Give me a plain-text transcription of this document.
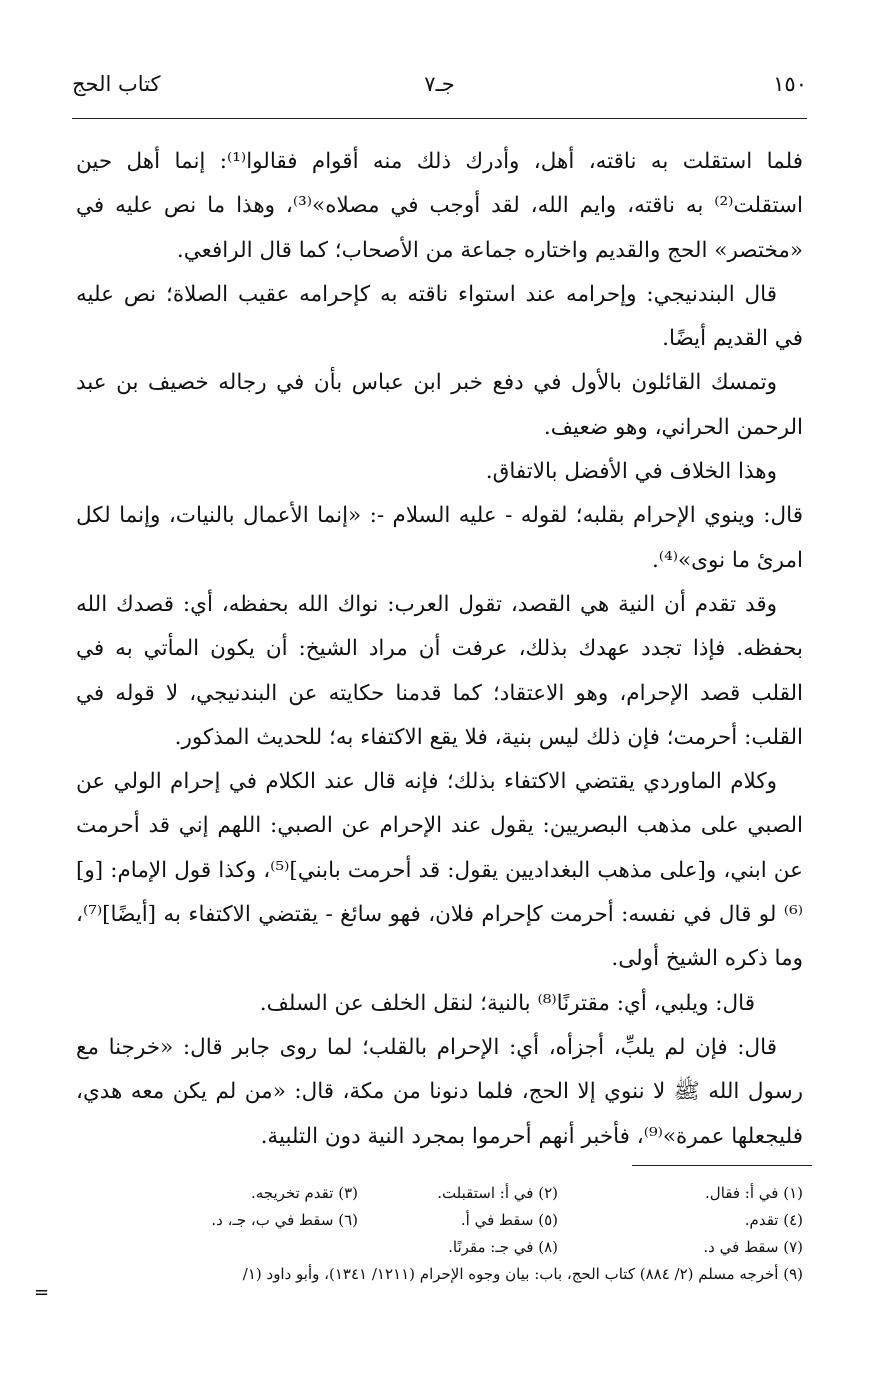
١٥٠
جـ٧
كتاب الحج

فلما استقلت به ناقته، أهل، وأدرك ذلك منه أقوام فقالوا⁽¹⁾: إنما أهل حين استقلت⁽²⁾ به ناقته، وايم الله، لقد أوجب في مصلاه»⁽³⁾، وهذا ما نص عليه في «مختصر» الحج والقديم واختاره جماعة من الأصحاب؛ كما قال الرافعي.

قال البندنيجي: وإحرامه عند استواء ناقته به كإحرامه عقيب الصلاة؛ نص عليه في القديم أيضًا.

وتمسك القائلون بالأول في دفع خبر ابن عباس بأن في رجاله خصيف بن عبد الرحمن الحراني، وهو ضعيف.

وهذا الخلاف في الأفضل بالاتفاق.

قال: وينوي الإحرام بقلبه؛ لقوله - عليه السلام -: «إنما الأعمال بالنيات، وإنما لكل امرئ ما نوى»⁽⁴⁾.

وقد تقدم أن النية هي القصد، تقول العرب: نواك الله بحفظه، أي: قصدك الله بحفظه. فإذا تجدد عهدك بذلك، عرفت أن مراد الشيخ: أن يكون المأتي به في القلب قصد الإحرام، وهو الاعتقاد؛ كما قدمنا حكايته عن البندنيجي، لا قوله في القلب: أحرمت؛ فإن ذلك ليس بنية، فلا يقع الاكتفاء به؛ للحديث المذكور.

وكلام الماوردي يقتضي الاكتفاء بذلك؛ فإنه قال عند الكلام في إحرام الولي عن الصبي على مذهب البصريين: يقول عند الإحرام عن الصبي: اللهم إني قد أحرمت عن ابني، و[على مذهب البغداديين يقول: قد أحرمت بابني]⁽⁵⁾، وكذا قول الإمام: [و]⁽⁶⁾ لو قال في نفسه: أحرمت كإحرام فلان، فهو سائغ - يقتضي الاكتفاء به [أيضًا]⁽⁷⁾، وما ذكره الشيخ أولى.

قال: ويلبي، أي: مقترنًا⁽⁸⁾ بالنية؛ لنقل الخلف عن السلف.

قال: فإن لم يلبِّ، أجزأه، أي: الإحرام بالقلب؛ لما روى جابر قال: «خرجنا مع رسول الله ﷺ لا ننوي إلا الحج، فلما دنونا من مكة، قال: «من لم يكن معه هدي، فليجعلها عمرة»⁽⁹⁾، فأخبر أنهم أحرموا بمجرد النية دون التلبية.

(١) في أ: فقال.
(٢) في أ: استقبلت.
(٣) تقدم تخريجه.
(٤) تقدم.
(٥) سقط في أ.
(٦) سقط في ب، جـ، د.
(٧) سقط في د.
(٨) في جـ: مقرنًا.
(٩) أخرجه مسلم (٢/ ٨٨٤) كتاب الحج، باب: بيان وجوه الإحرام (١٢١١/ ١٣٤١)، وأبو داود (١/
=
